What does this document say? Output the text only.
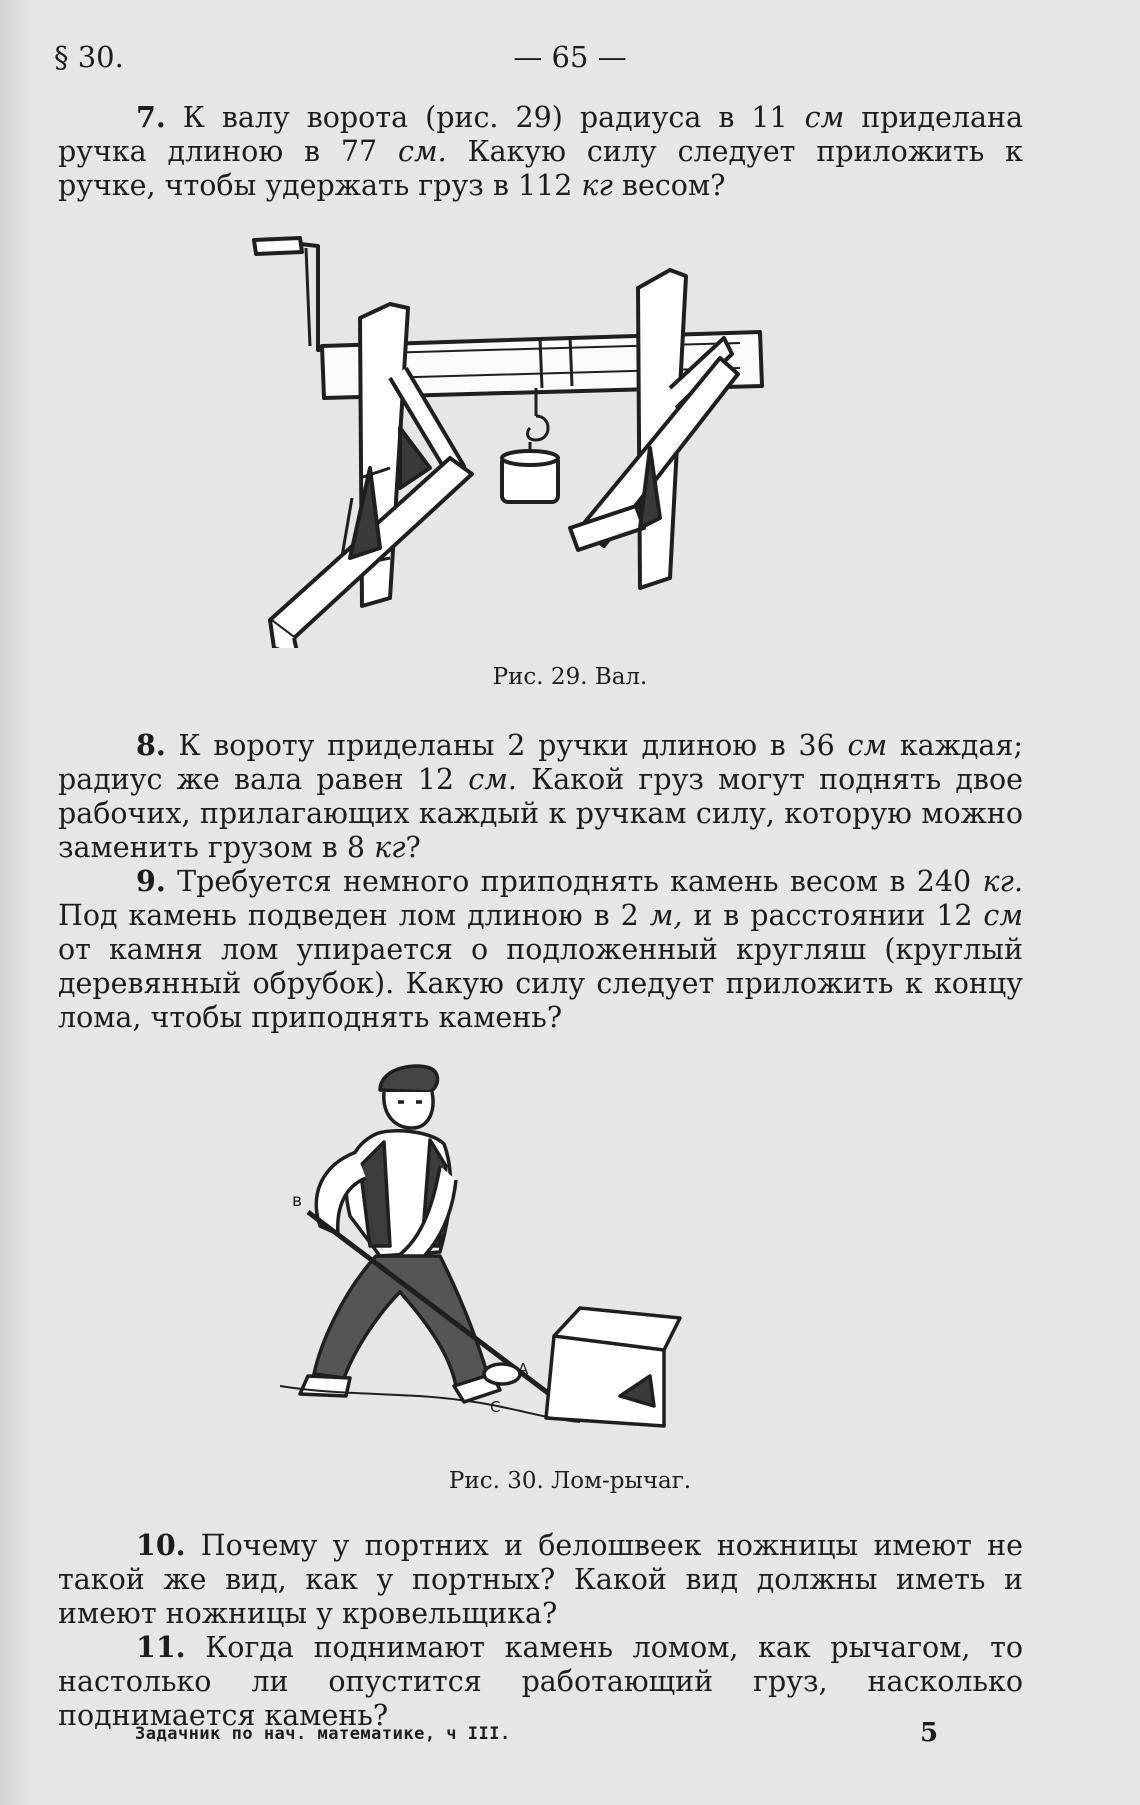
§ 30.	— 65 —

7. К валу ворота (рис. 29) радиуса в 11 см приделана ручка длиною в 77 см. Какую силу следует приложить к ручке, чтобы удержать груз в 112 кг весом?

Рис. 29. Вал.

8. К вороту приделаны 2 ручки длиною в 36 см каждая; радиус же вала равен 12 см. Какой груз могут поднять двое рабочих, прилагающих каждый к ручкам силу, которую можно заменить грузом в 8 кг?

9. Требуется немного приподнять камень весом в 240 кг. Под камень подведен лом длиною в 2 м, и в расстоянии 12 см от камня лом упирается о подложенный кругляш (круглый деревянный обрубок). Какую силу следует приложить к концу лома, чтобы приподнять камень?

в
А
С
Рис. 30. Лом-рычаг.

10. Почему у портних и белошвеек ножницы имеют не такой же вид, как у портных? Какой вид должны иметь и имеют ножницы у кровельщика?

11. Когда поднимают камень ломом, как рычагом, то настолько ли опустится работающий груз, насколько поднимается камень?

Задачник по нач. математике, ч III.	5
